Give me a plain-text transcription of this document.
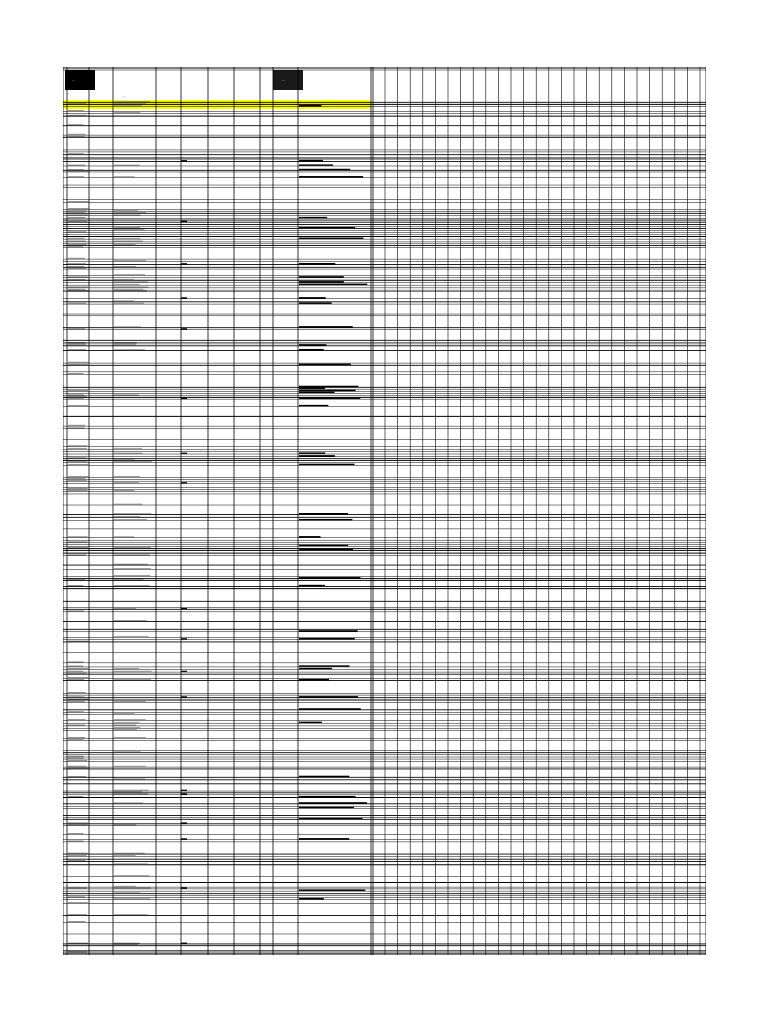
—	—
—
—
